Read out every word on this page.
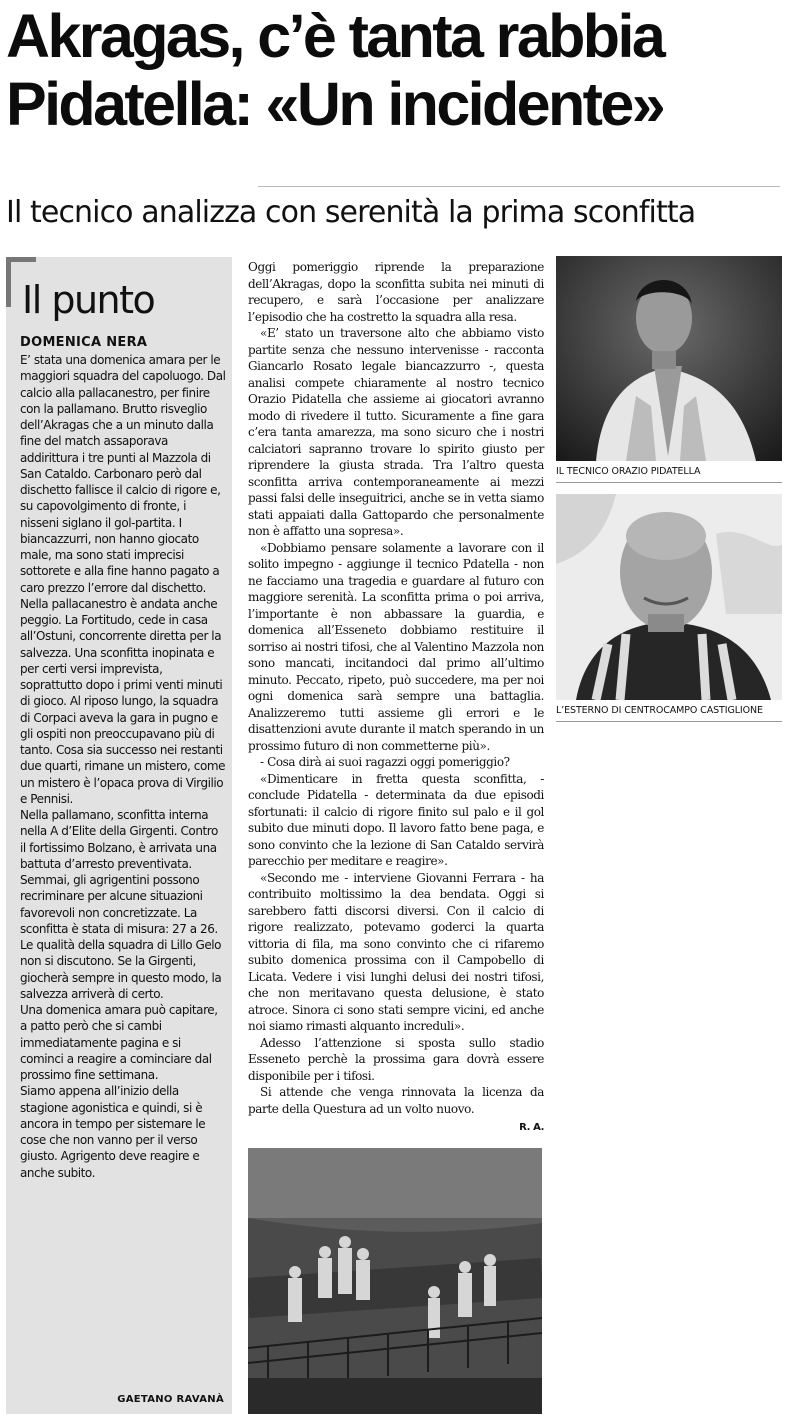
Akragas, c’è tanta rabbia
Pidatella: «Un incidente»
Il tecnico analizza con serenità la prima sconfitta
Il punto
DOMENICA NERA

E’ stata una domenica amara per le maggiori squadra del capoluogo. Dal calcio alla pallacanestro, per finire con la pallamano. Brutto risveglio dell’Akragas che a un minuto dalla fine del match assaporava addirittura i tre punti al Mazzola di San Cataldo. Carbonaro però dal dischetto fallisce il calcio di rigore e, su capovolgimento di fronte, i nisseni siglano il gol-partita. I biancazzurri, non hanno giocato male, ma sono stati imprecisi sottorete e alla fine hanno pagato a caro prezzo l’errore dal dischetto.

Nella pallacanestro è andata anche peggio. La Fortitudo, cede in casa all’Ostuni, concorrente diretta per la salvezza. Una sconfitta inopinata e per certi versi imprevista, soprattutto dopo i primi venti minuti di gioco. Al riposo lungo, la squadra di Corpaci aveva la gara in pugno e gli ospiti non preoccupavano più di tanto. Cosa sia successo nei restanti due quarti, rimane un mistero, come un mistero è l’opaca prova di Virgilio e Pennisi.

Nella pallamano, sconfitta interna nella A d’Elite della Girgenti. Contro il fortissimo Bolzano, è arrivata una battuta d’arresto preventivata. Semmai, gli agrigentini possono recriminare per alcune situazioni favorevoli non concretizzate. La sconfitta è stata di misura: 27 a 26. Le qualità della squadra di Lillo Gelo non si discutono. Se la Girgenti, giocherà sempre in questo modo, la salvezza arriverà di certo.

Una domenica amara può capitare, a patto però che si cambi immediatamente pagina e si cominci a reagire a cominciare dal prossimo fine settimana.

Siamo appena all’inizio della stagione agonistica e quindi, si è ancora in tempo per sistemare le cose che non vanno per il verso giusto. Agrigento deve reagire e anche subito.

GAETANO RAVANÀ

Oggi pomeriggio riprende la preparazione dell’Akragas, dopo la sconfitta subita nei minuti di recupero, e sarà l’occasione per analizzare l’episodio che ha costretto la squadra alla resa.

«E’ stato un traversone alto che abbiamo visto partite senza che nessuno intervenisse - racconta Giancarlo Rosato legale biancazzurro -, questa analisi compete chiaramente al nostro tecnico Orazio Pidatella che assieme ai giocatori avranno modo di rivedere il tutto. Sicuramente a fine gara c’era tanta amarezza, ma sono sicuro che i nostri calciatori sapranno trovare lo spirito giusto per riprendere la giusta strada. Tra l’altro questa sconfitta arriva contemporaneamente ai mezzi passi falsi delle inseguitrici, anche se in vetta siamo stati appaiati dalla Gattopardo che personalmente non è affatto una sopresa».

«Dobbiamo pensare solamente a lavorare con il solito impegno - aggiunge il tecnico Pdatella - non ne facciamo una tragedia e guardare al futuro con maggiore serenità. La sconfitta prima o poi arriva, l’importante è non abbassare la guardia, e domenica all’Esseneto dobbiamo restituire il sorriso ai nostri tifosi, che al Valentino Mazzola non sono mancati, incitandoci dal primo all’ultimo minuto. Peccato, ripeto, può succedere, ma per noi ogni domenica sarà sempre una battaglia. Analizzeremo tutti assieme gli errori e le disattenzioni avute durante il match sperando in un prossimo futuro di non commetterne più».

- Cosa dirà ai suoi ragazzi oggi pomeriggio?

«Dimenticare in fretta questa sconfitta, - conclude Pidatella - determinata da due episodi sfortunati: il calcio di rigore finito sul palo e il gol subito due minuti dopo. Il lavoro fatto bene paga, e sono convinto che la lezione di San Cataldo servirà parecchio per meditare e reagire».

«Secondo me - interviene Giovanni Ferrara - ha contribuito moltissimo la dea bendata. Oggi si sarebbero fatti discorsi diversi. Con il calcio di rigore realizzato, potevamo goderci la quarta vittoria di fila, ma sono convinto che ci rifaremo subito domenica prossima con il Campobello di Licata. Vedere i visi lunghi delusi dei nostri tifosi, che non meritavano questa delusione, è stato atroce. Sinora ci sono stati sempre vicini, ed anche noi siamo rimasti alquanto increduli».

Adesso l’attenzione si sposta sullo stadio Esseneto perchè la prossima gara dovrà essere disponibile per i tifosi.

Si attende che venga rinnovata la licenza da parte della Questura ad un volto nuovo.

R. A.

IL TECNICO ORAZIO PIDATELLA
L’ESTERNO DI CENTROCAMPO CASTIGLIONE
